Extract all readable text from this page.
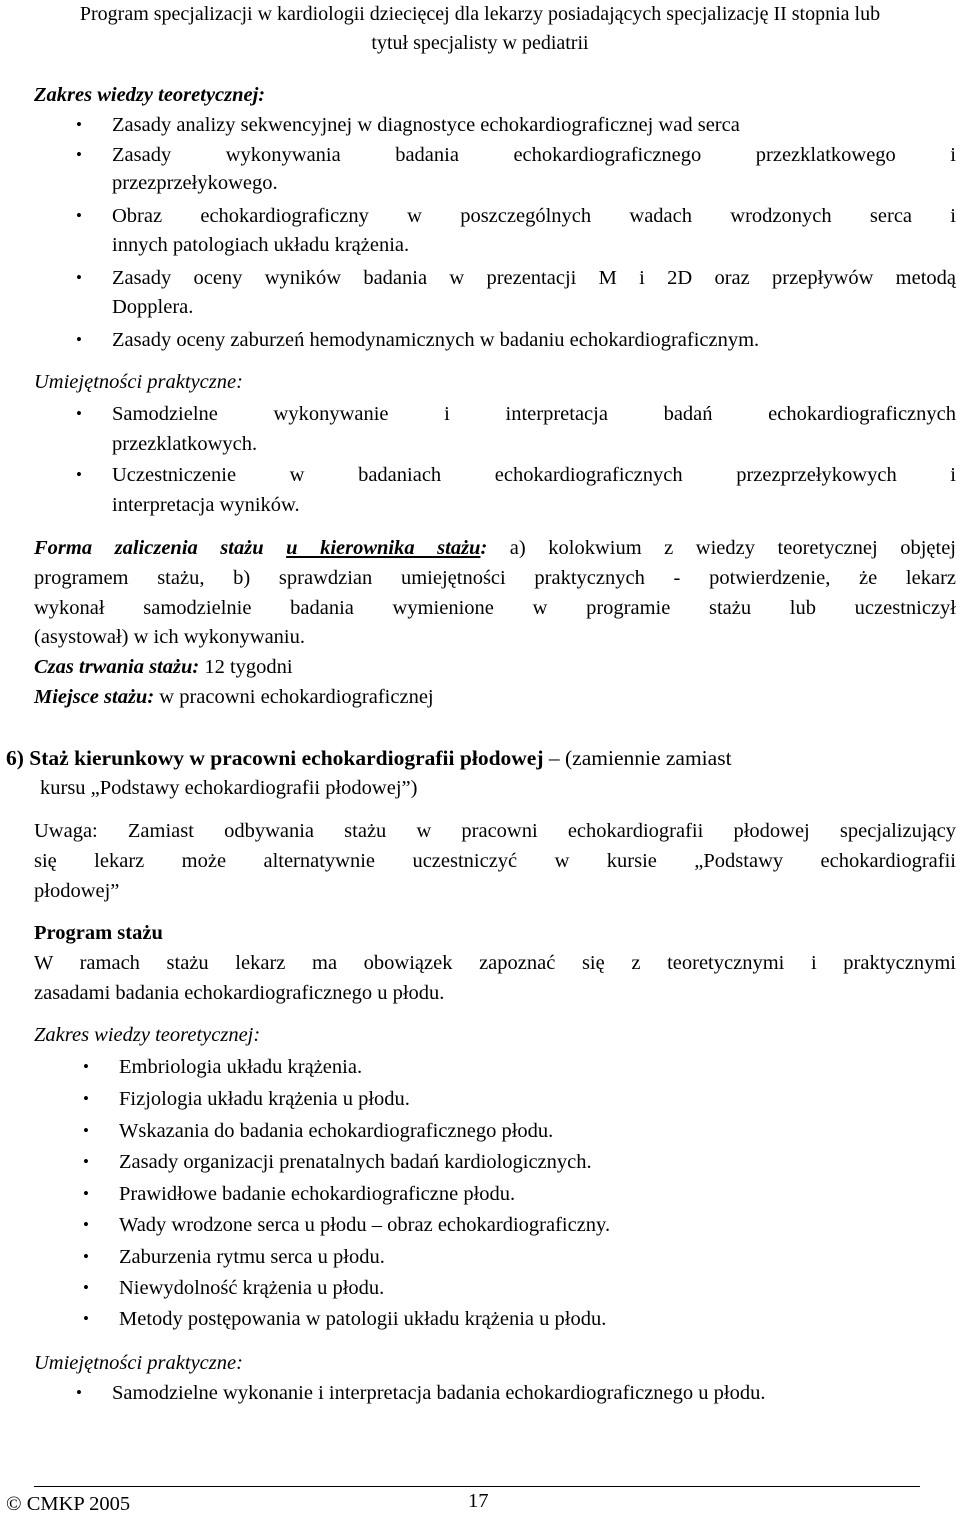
Program specjalizacji w kardiologii dziecięcej dla lekarzy posiadających specjalizację II stopnia lub
tytuł specjalisty w pediatrii
Zakres wiedzy teoretycznej:
• Zasady analizy sekwencyjnej w diagnostyce echokardiograficznej wad serca
• Zasady wykonywania badania echokardiograficznego przezklatkowego i
przezprzełykowego.
• Obraz echokardiograficzny w poszczególnych wadach wrodzonych serca i
innych patologiach układu krążenia.
• Zasady oceny wyników badania w prezentacji M i 2D oraz przepływów metodą
Dopplera.
• Zasady oceny zaburzeń hemodynamicznych w badaniu echokardiograficznym.
Umiejętności praktyczne:
• Samodzielne wykonywanie i interpretacja badań echokardiograficznych
przezklatkowych.
• Uczestniczenie w badaniach echokardiograficznych przezprzełykowych i
interpretacja wyników.
Forma zaliczenia stażu u kierownika stażu: a) kolokwium z wiedzy teoretycznej objętej
programem stażu, b) sprawdzian umiejętności praktycznych - potwierdzenie, że lekarz
wykonał samodzielnie badania wymienione w programie stażu lub uczestniczył
(asystował) w ich wykonywaniu.
Czas trwania stażu: 12 tygodni
Miejsce stażu: w pracowni echokardiograficznej
6) Staż kierunkowy w pracowni echokardiografii płodowej – (zamiennie zamiast
kursu „Podstawy echokardiografii płodowej”)
Uwaga: Zamiast odbywania stażu w pracowni echokardiografii płodowej specjalizujący
się lekarz może alternatywnie uczestniczyć w kursie „Podstawy echokardiografii
płodowej”
Program stażu
W ramach stażu lekarz ma obowiązek zapoznać się z teoretycznymi i praktycznymi
zasadami badania echokardiograficznego u płodu.
Zakres wiedzy teoretycznej:
• Embriologia układu krążenia.
• Fizjologia układu krążenia u płodu.
• Wskazania do badania echokardiograficznego płodu.
• Zasady organizacji prenatalnych badań kardiologicznych.
• Prawidłowe badanie echokardiograficzne płodu.
• Wady wrodzone serca u płodu – obraz echokardiograficzny.
• Zaburzenia rytmu serca u płodu.
• Niewydolność krążenia u płodu.
• Metody postępowania w patologii układu krążenia u płodu.
Umiejętności praktyczne:
• Samodzielne wykonanie i interpretacja badania echokardiograficznego u płodu.
© CMKP 2005	17
